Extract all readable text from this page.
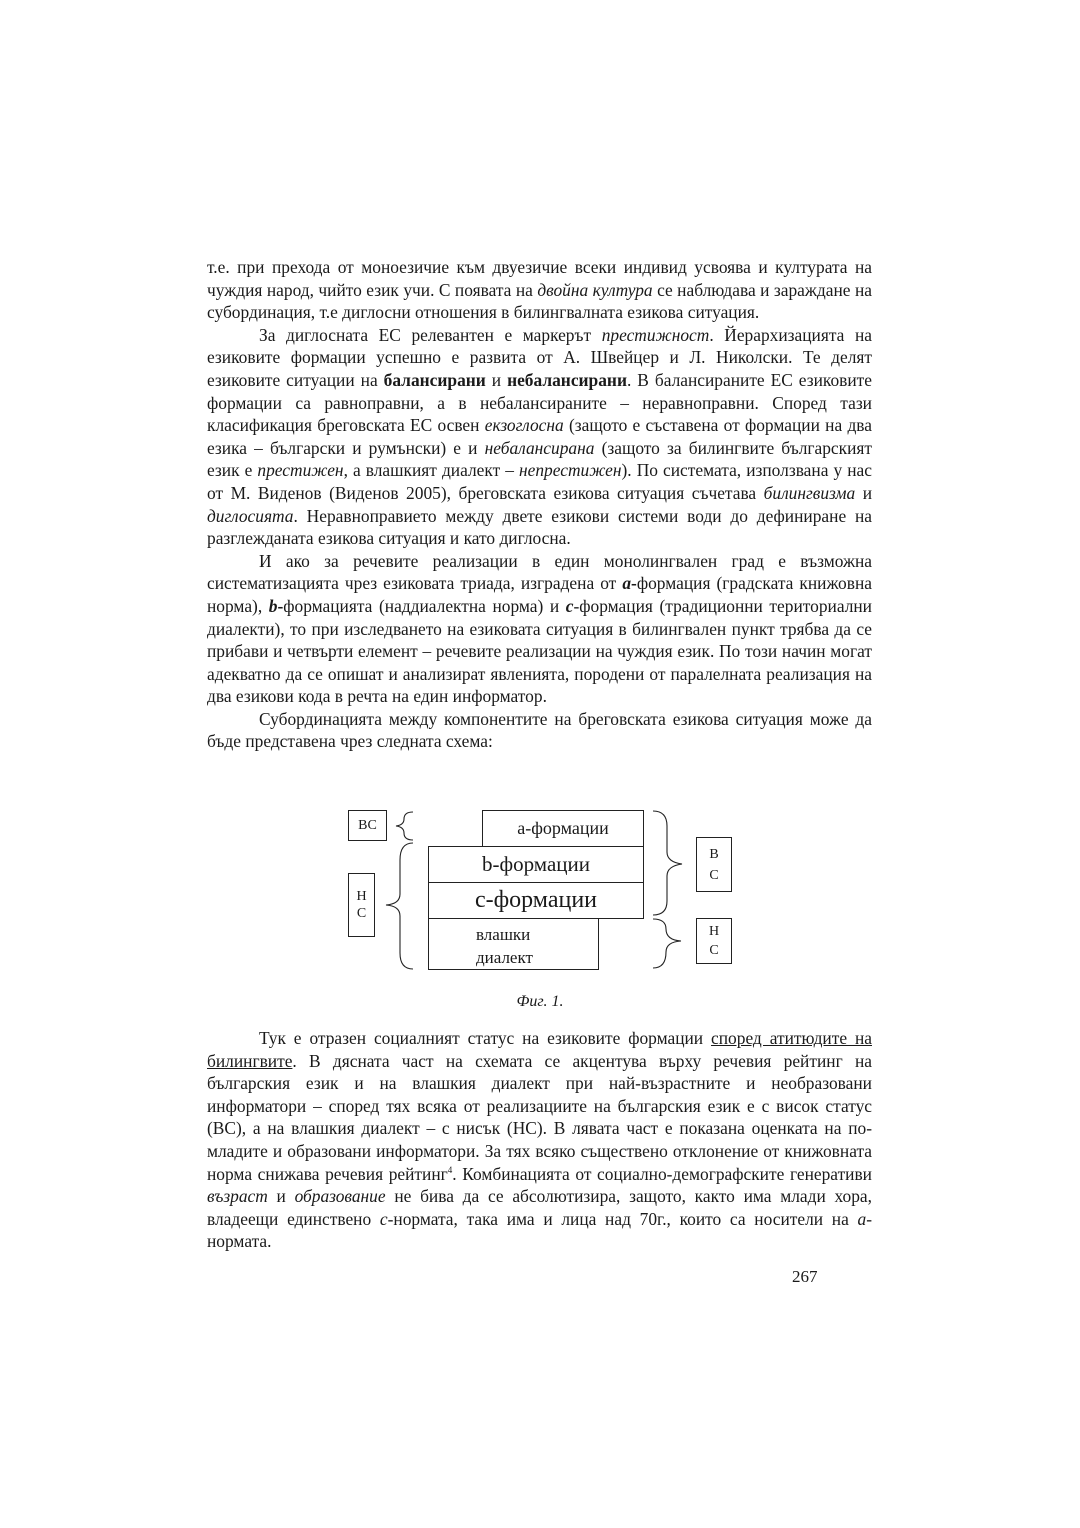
т.е. при прехода от моноезичие към двуезичие всеки индивид усвоява и културата на чуждия народ, чийто език учи. С появата на двойна култура се наблюдава и зараждане на субординация, т.е диглосни отношения в билингвалната езикова ситуация.

За диглосната ЕС релевантен е маркерът престижност. Йерархизацията на езиковите формации успешно е развита от А. Швейцер и Л. Николски. Те делят езиковите ситуации на балансирани и небалансирани. В балансираните ЕС езиковите формации са равноправни, а в небалансираните – неравноправни. Според тази класификация бреговската ЕС освен екзоглосна (защото е съставена от формации на два езика – български и румънски) е и небалансирана (защото за билингвите българският език е престижен, а влашкият диалект – непрестижен). По системата, използвана у нас от М. Виденов (Виденов 2005), бреговската езикова ситуация съчетава билингвизма и диглосията. Неравноправието между двете езикови системи води до дефиниране на разглежданата езикова ситуация и като диглосна.

И ако за речевите реализации в един монолингвален град е възможна систематизацията чрез езиковата триада, изградена от a-формация (градската книжовна норма), b-формацията (наддиалектна норма) и c-формация (традиционни териториални диалекти), то при изследването на езиковата ситуация в билингвален пункт трябва да се прибави и четвърти елемент – речевите реализации на чуждия език. По този начин могат адекватно да се опишат и анализират явленията, породени от паралелната реализация на два езикови кода в речта на един информатор.

Субординацията между компонентите на бреговската езикова ситуация може да бъде представена чрез следната схема:

ВС
Н
С
а-формации
b-формации
с-формации
влашки
диалект
В
С
Н
С
Фиг. 1.

Тук е отразен социалният статус на езиковите формации според атитюдите на билингвите. В дясната част на схемата се акцентува върху речевия рейтинг на българския език и на влашкия диалект при най-възрастните и необразовани информатори – според тях всяка от реализациите на българския език е с висок статус (ВС), а на влашкия диалект – с нисък (НС). В лявата част е показана оценката на по-младите и образовани информатори. За тях всяко съществено отклонение от книжовната норма снижава речевия рейтинг$^4$. Комбинацията от социално-демографските генеративи възраст и образование не бива да се абсолютизира, защото, както има млади хора, владеещи единствено с-нормата, така има и лица над 70г., които са носители на а-нормата.

267
